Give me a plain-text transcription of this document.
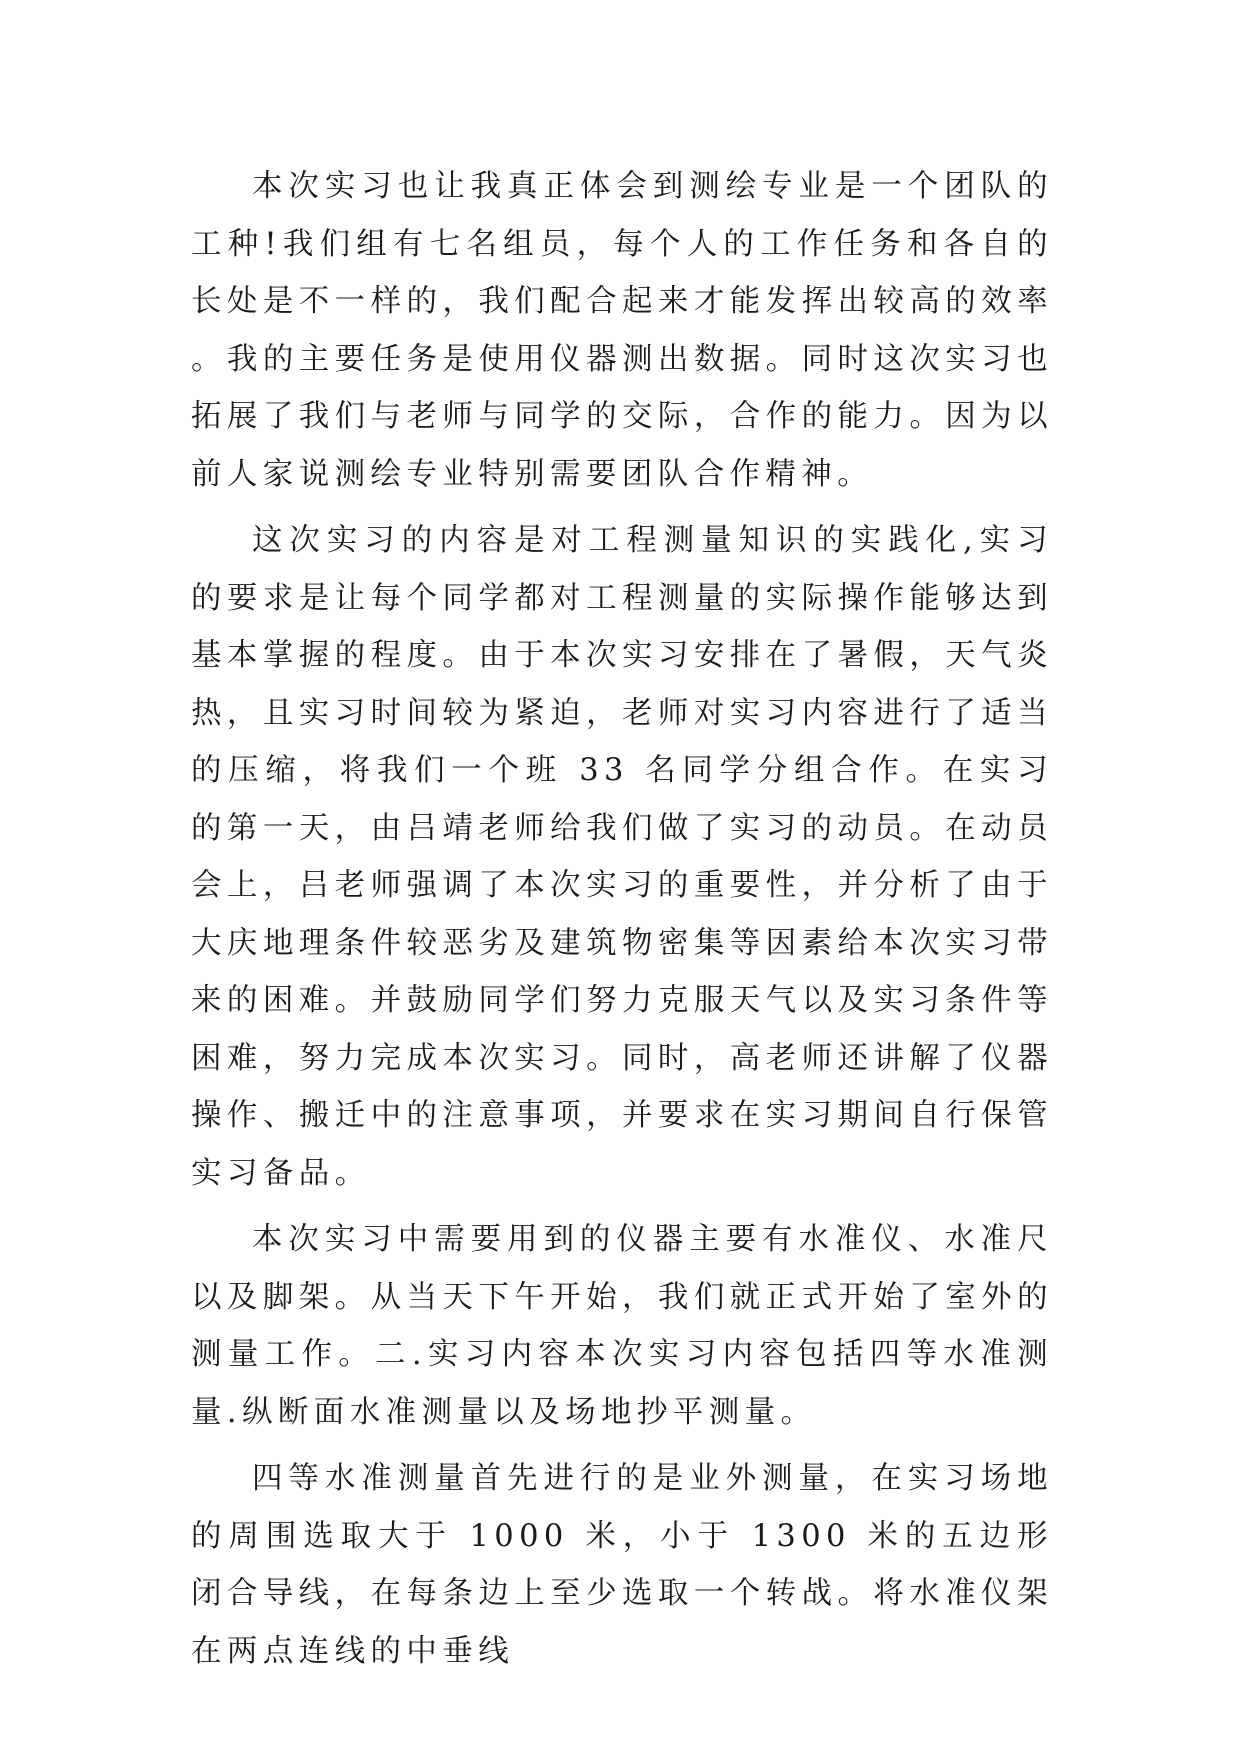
本次实习也让我真正体会到测绘专业是一个团队的工种!我们组有七名组员，每个人的工作任务和各自的长处是不一样的，我们配合起来才能发挥出较高的效率。我的主要任务是使用仪器测出数据。同时这次实习也拓展了我们与老师与同学的交际，合作的能力。因为以前人家说测绘专业特别需要团队合作精神。

这次实习的内容是对工程测量知识的实践化,实习的要求是让每个同学都对工程测量的实际操作能够达到基本掌握的程度。由于本次实习安排在了暑假，天气炎热，且实习时间较为紧迫，老师对实习内容进行了适当的压缩，将我们一个班 33 名同学分组合作。在实习的第一天，由吕靖老师给我们做了实习的动员。在动员会上，吕老师强调了本次实习的重要性，并分析了由于大庆地理条件较恶劣及建筑物密集等因素给本次实习带来的困难。并鼓励同学们努力克服天气以及实习条件等困难，努力完成本次实习。同时，高老师还讲解了仪器操作、搬迁中的注意事项，并要求在实习期间自行保管实习备品。

本次实习中需要用到的仪器主要有水准仪、水准尺以及脚架。从当天下午开始，我们就正式开始了室外的测量工作。二.实习内容本次实习内容包括四等水准测量.纵断面水准测量以及场地抄平测量。

四等水准测量首先进行的是业外测量，在实习场地的周围选取大于 1000 米，小于 1300 米的五边形闭合导线，在每条边上至少选取一个转战。将水准仪架在两点连线的中垂线
